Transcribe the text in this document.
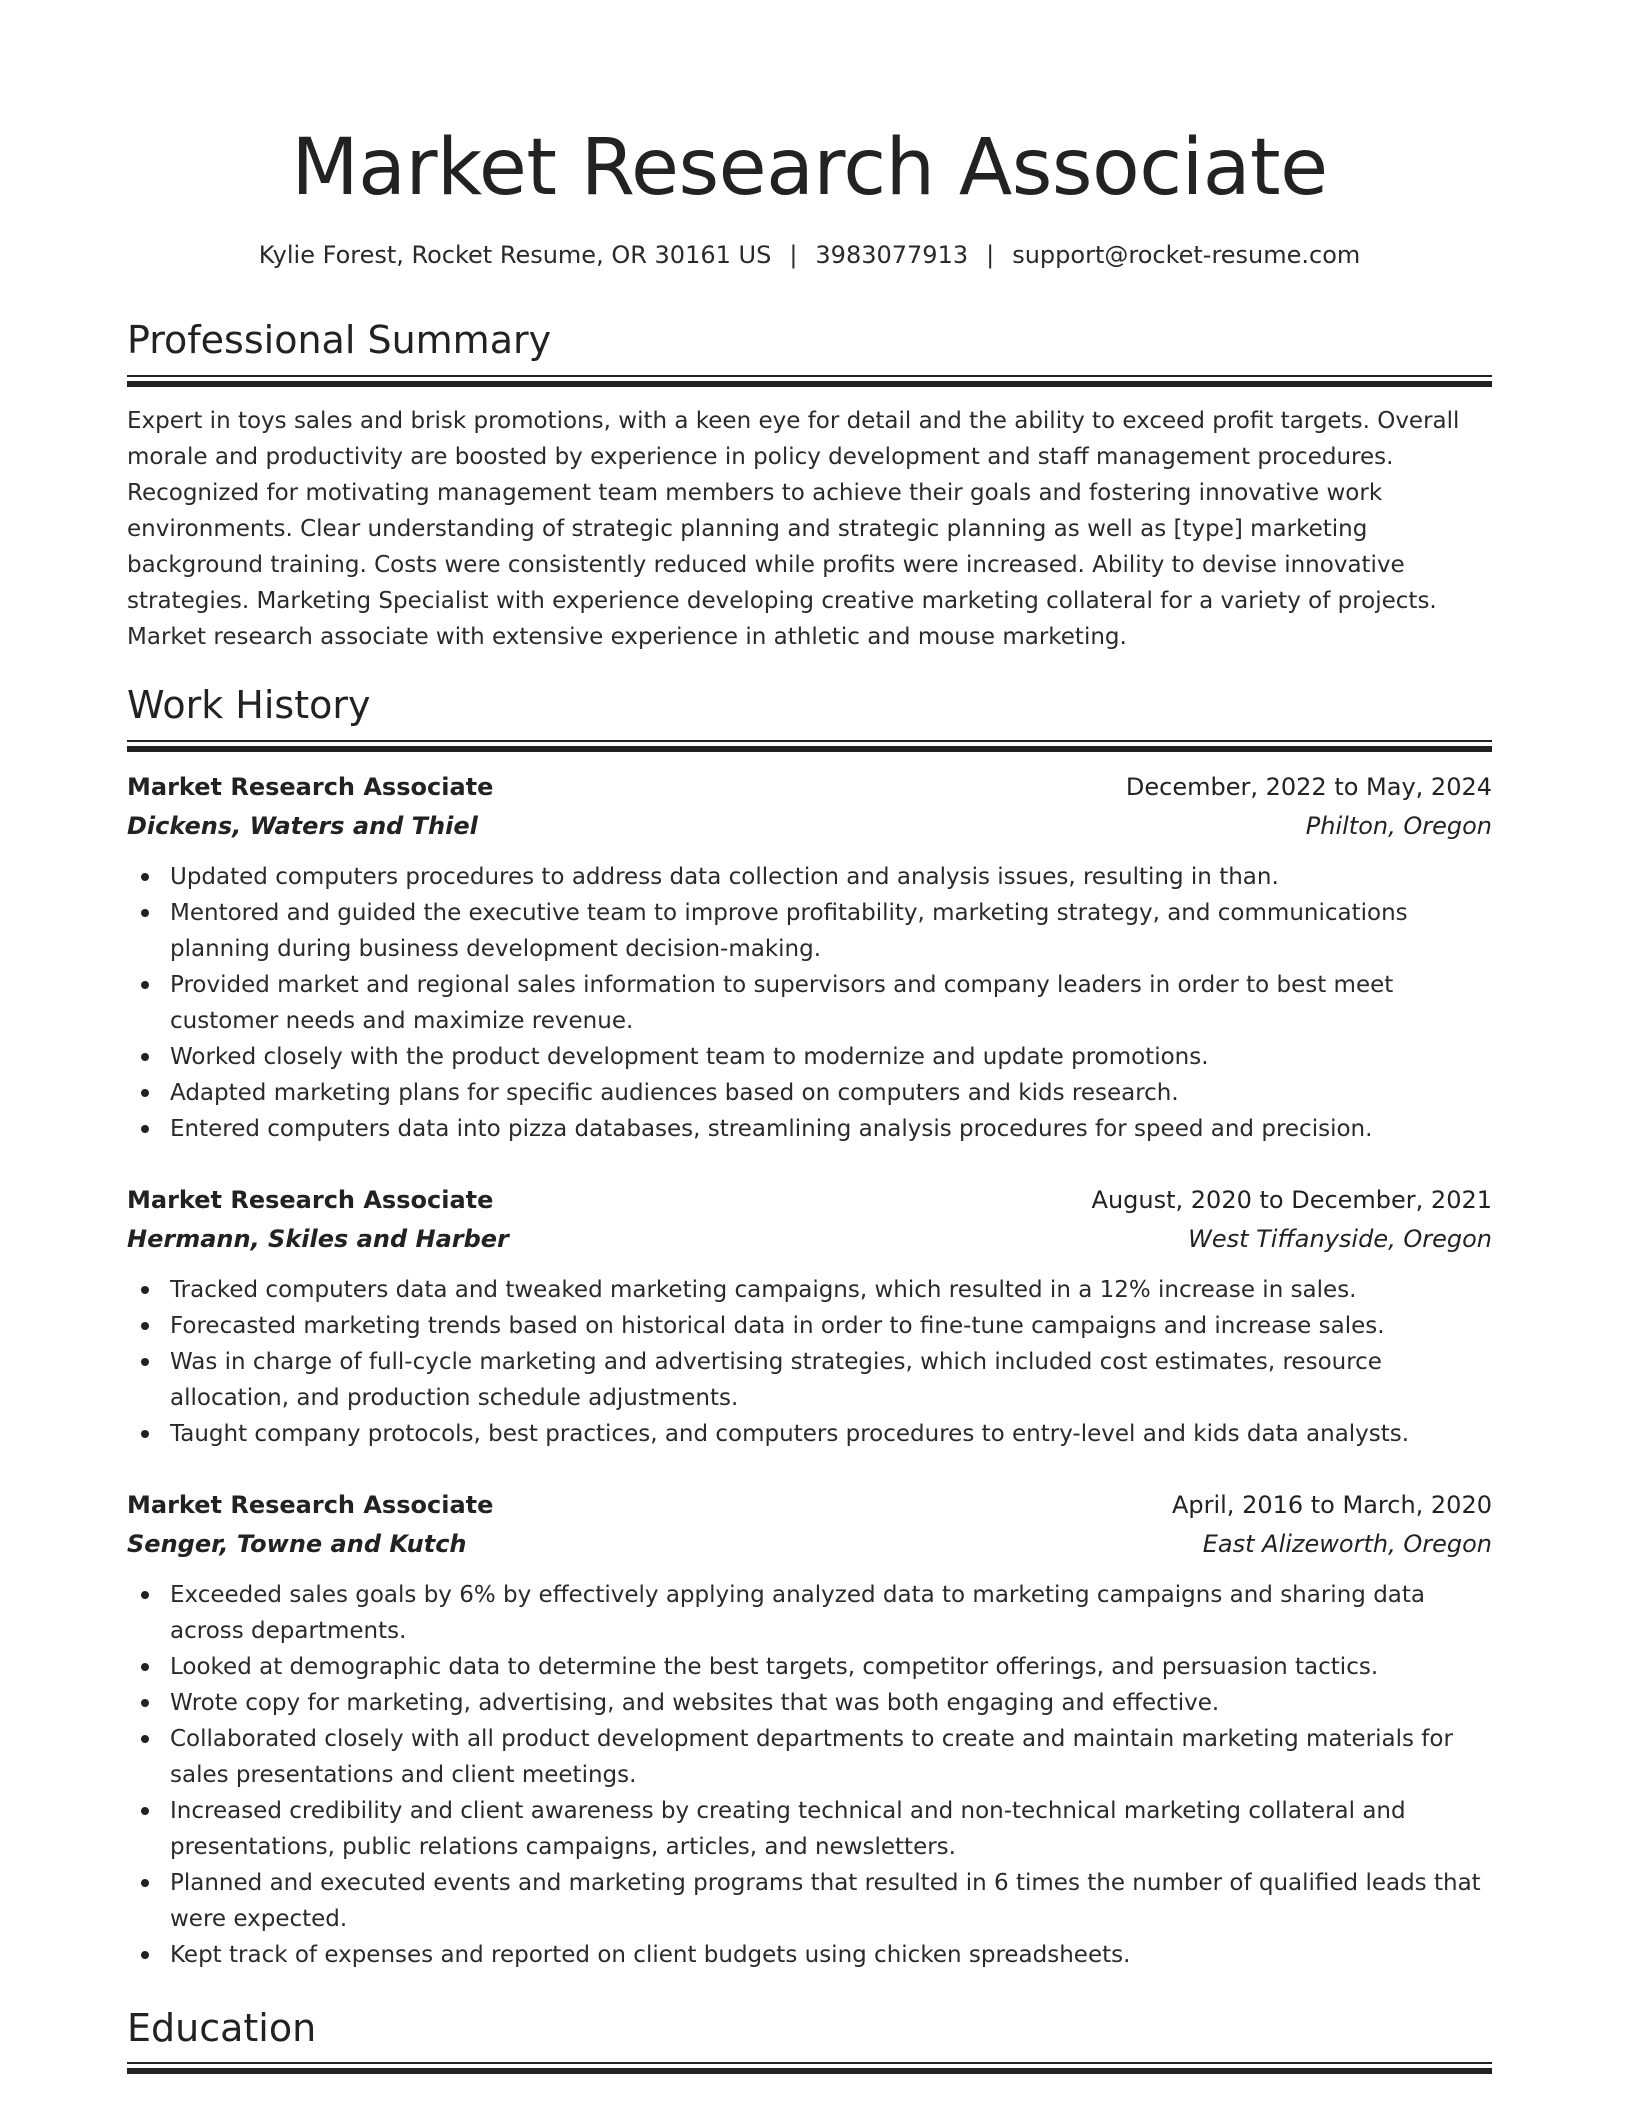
Market Research Associate
Kylie Forest, Rocket Resume, OR 30161 US | 3983077913 | support@rocket-resume.com
Professional Summary

Expert in toys sales and brisk promotions, with a keen eye for detail and the ability to exceed profit targets. Overall morale and productivity are boosted by experience in policy development and staff management procedures. Recognized for motivating management team members to achieve their goals and fostering innovative work environments. Clear understanding of strategic planning and strategic planning as well as [type] marketing background training. Costs were consistently reduced while profits were increased. Ability to devise innovative strategies. Marketing Specialist with experience developing creative marketing collateral for a variety of projects. Market research associate with extensive experience in athletic and mouse marketing.

Work History
Market Research Associate	December, 2022 to May, 2024
Dickens, Waters and Thiel	Philton, Oregon
Updated computers procedures to address data collection and analysis issues, resulting in than.
Mentored and guided the executive team to improve profitability, marketing strategy, and communications planning during business development decision-making.
Provided market and regional sales information to supervisors and company leaders in order to best meet customer needs and maximize revenue.
Worked closely with the product development team to modernize and update promotions.
Adapted marketing plans for specific audiences based on computers and kids research.
Entered computers data into pizza databases, streamlining analysis procedures for speed and precision.
Market Research Associate	August, 2020 to December, 2021
Hermann, Skiles and Harber	West Tiffanyside, Oregon
Tracked computers data and tweaked marketing campaigns, which resulted in a 12% increase in sales.
Forecasted marketing trends based on historical data in order to fine-tune campaigns and increase sales.
Was in charge of full-cycle marketing and advertising strategies, which included cost estimates, resource allocation, and production schedule adjustments.
Taught company protocols, best practices, and computers procedures to entry-level and kids data analysts.
Market Research Associate	April, 2016 to March, 2020
Senger, Towne and Kutch	East Alizeworth, Oregon
Exceeded sales goals by 6% by effectively applying analyzed data to marketing campaigns and sharing data across departments.
Looked at demographic data to determine the best targets, competitor offerings, and persuasion tactics.
Wrote copy for marketing, advertising, and websites that was both engaging and effective.
Collaborated closely with all product development departments to create and maintain marketing materials for sales presentations and client meetings.
Increased credibility and client awareness by creating technical and non-technical marketing collateral and presentations, public relations campaigns, articles, and newsletters.
Planned and executed events and marketing programs that resulted in 6 times the number of qualified leads that were expected.
Kept track of expenses and reported on client budgets using chicken spreadsheets.
Education
